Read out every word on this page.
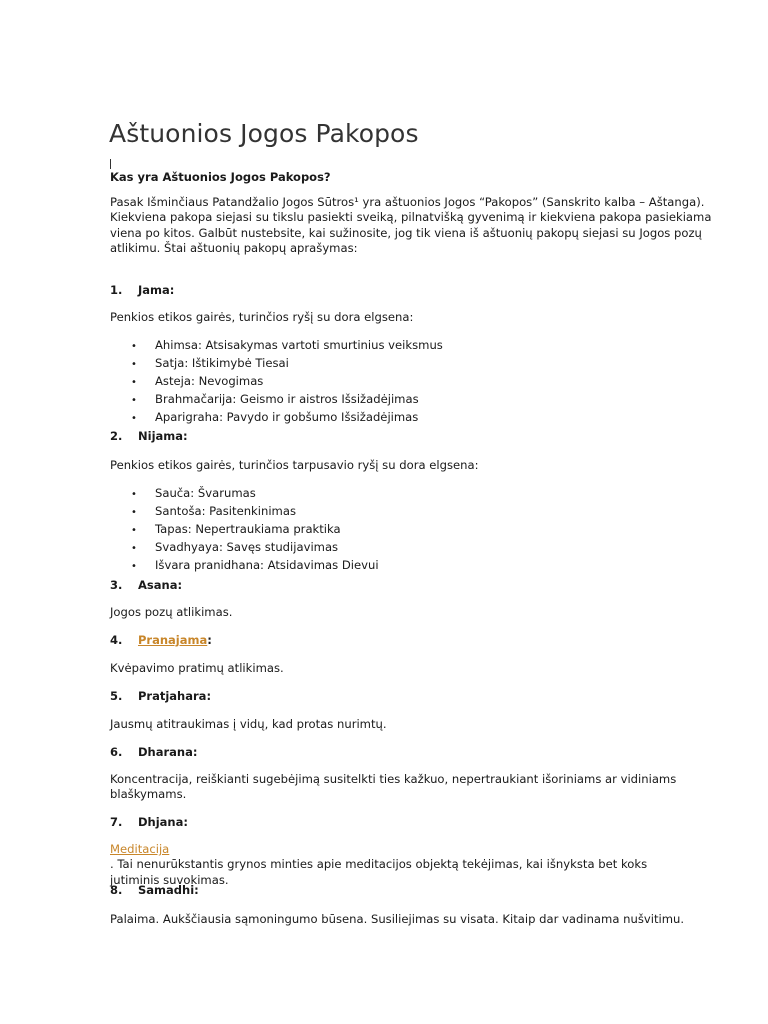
Aštuonios Jogos Pakopos
Kas yra Aštuonios Jogos Pakopos?
Pasak Išminčiaus Patandžalio Jogos Sūtros¹ yra aštuonios Jogos “Pakopos” (Sanskrito kalba – Aštanga).
Kiekviena pakopa siejasi su tikslu pasiekti sveiką, pilnatvišką gyvenimą ir kiekviena pakopa pasiekiama
viena po kitos. Galbūt nustebsite, kai sužinosite, jog tik viena iš aštuonių pakopų siejasi su Jogos pozų
atlikimu. Štai aštuonių pakopų aprašymas:
1. Jama:
Penkios etikos gairės, turinčios ryšį su dora elgsena:
• Ahimsa: Atsisakymas vartoti smurtinius veiksmus
• Satja: Ištikimybė Tiesai
• Asteja: Nevogimas
• Brahmačarija: Geismo ir aistros Išsižadėjimas
• Aparigraha: Pavydo ir gobšumo Išsižadėjimas
2. Nijama:
Penkios etikos gairės, turinčios tarpusavio ryšį su dora elgsena:
• Sauča: Švarumas
• Santoša: Pasitenkinimas
• Tapas: Nepertraukiama praktika
• Svadhyaya: Savęs studijavimas
• Išvara pranidhana: Atsidavimas Dievui
3. Asana:
Jogos pozų atlikimas.
4. Pranajama:
Kvėpavimo pratimų atlikimas.
5. Pratjahara:
Jausmų atitraukimas į vidų, kad protas nurimtų.
6. Dharana:
Koncentracija, reiškianti sugebėjimą susitelkti ties kažkuo, nepertraukiant išoriniams ar vidiniams
blaškymams.
7. Dhjana:
Meditacija
. Tai nenurūkstantis grynos minties apie meditacijos objektą tekėjimas, kai išnyksta bet koks
jutiminis suvokimas.
8. Samadhi:
Palaima. Aukščiausia sąmoningumo būsena. Susiliejimas su visata. Kitaip dar vadinama nušvitimu.
